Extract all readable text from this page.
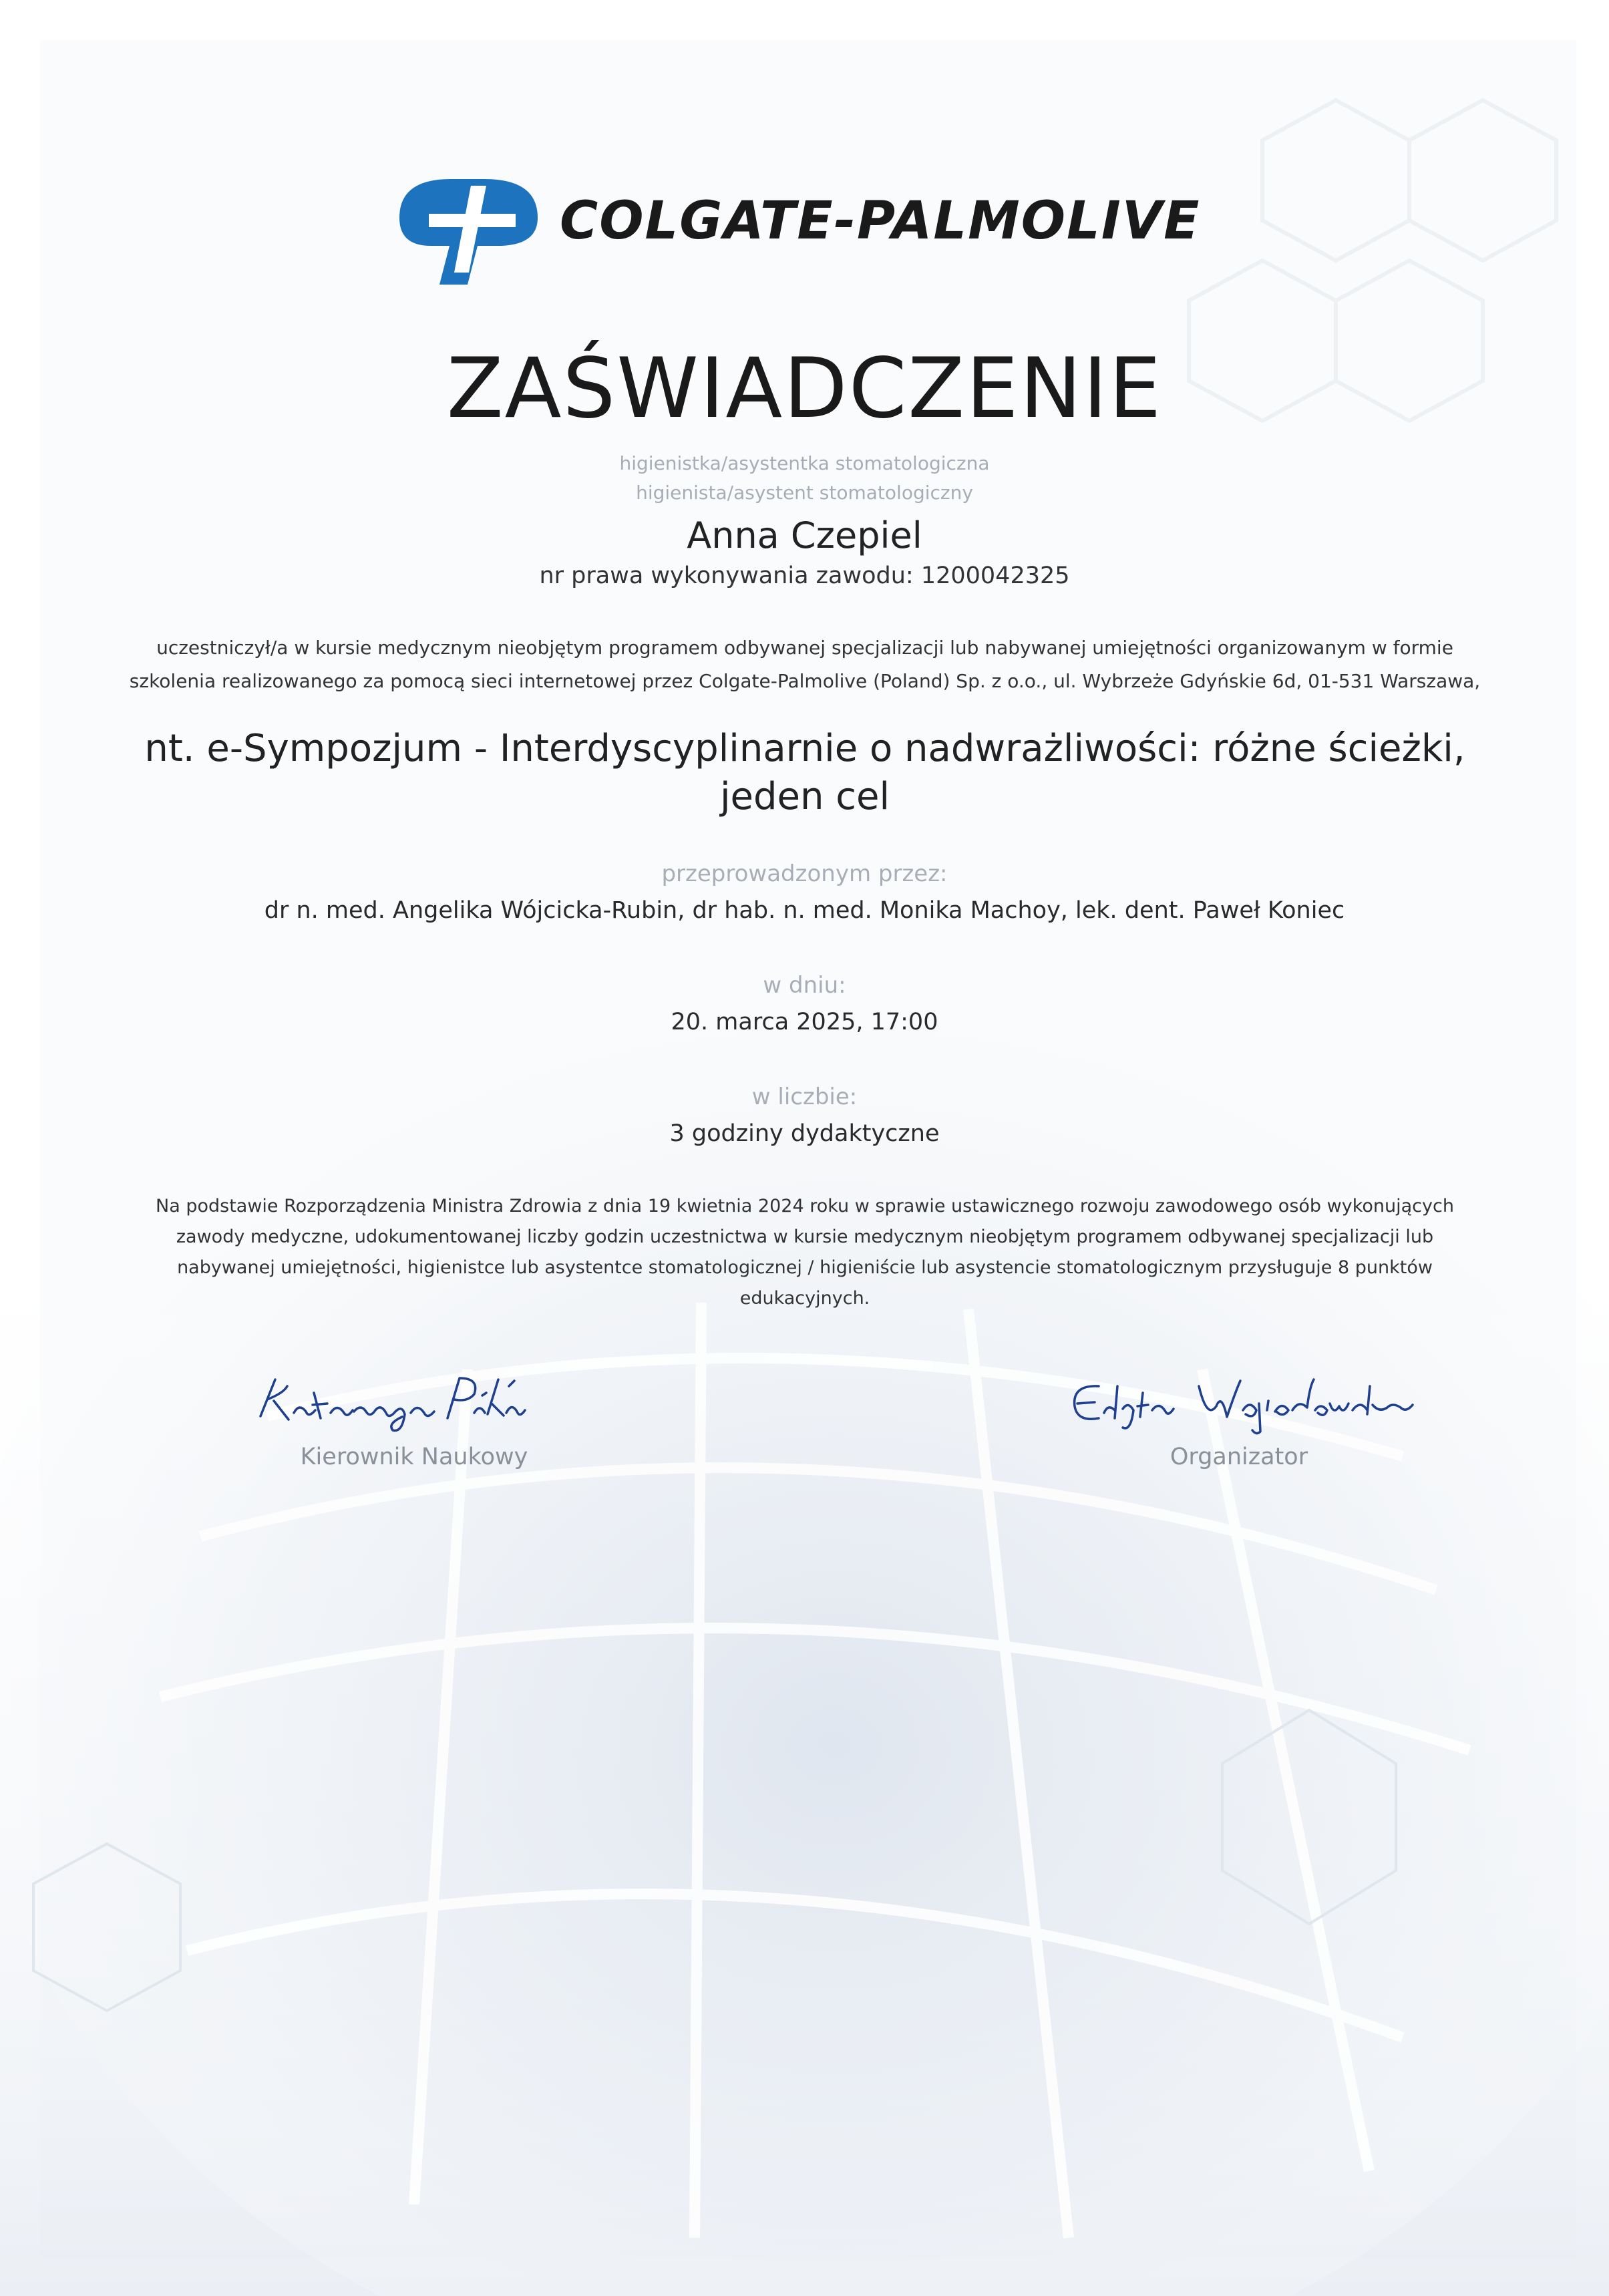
COLGATE-PALMOLIVE
ZAŚWIADCZENIE
higienistka/asystentka stomatologiczna
higienista/asystent stomatologiczny
Anna Czepiel
nr prawa wykonywania zawodu: 1200042325
uczestniczył/a w kursie medycznym nieobjętym programem odbywanej specjalizacji lub nabywanej umiejętności organizowanym w formie
szkolenia realizowanego za pomocą sieci internetowej przez Colgate-Palmolive (Poland) Sp. z o.o., ul. Wybrzeże Gdyńskie 6d, 01-531 Warszawa,
nt. e-Sympozjum - Interdyscyplinarnie o nadwrażliwości: różne ścieżki, jeden cel
przeprowadzonym przez:
dr n. med. Angelika Wójcicka-Rubin, dr hab. n. med. Monika Machoy, lek. dent. Paweł Koniec
w dniu:
20. marca 2025, 17:00
w liczbie:
3 godziny dydaktyczne
Na podstawie Rozporządzenia Ministra Zdrowia z dnia 19 kwietnia 2024 roku w sprawie ustawicznego rozwoju zawodowego osób wykonujących
zawody medyczne, udokumentowanej liczby godzin uczestnictwa w kursie medycznym nieobjętym programem odbywanej specjalizacji lub
nabywanej umiejętności, higienistce lub asystentce stomatologicznej / higieniście lub asystencie stomatologicznym przysługuje 8 punktów
edukacyjnych.
Kierownik Naukowy	Organizator
